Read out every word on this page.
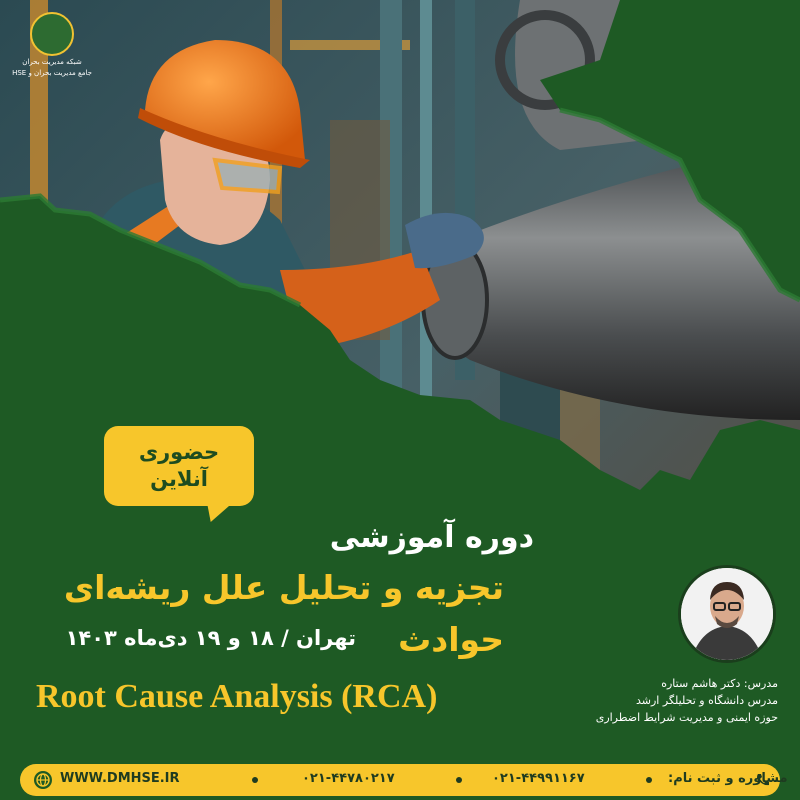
شبکه مدیریت بحران
جامع مدیریت بحران و HSE
حضوری
آنلاین
دوره آموزشی
تجزیه و تحلیل علل ریشه‌ای
حوادث
تهران / ۱۸ و ۱۹ دی‌ماه ۱۴۰۳
Root Cause Analysis (RCA)	مدرس: دکتر هاشم ستاره
مدرس دانشگاه و تحلیلگر ارشد
حوزه ایمنی و مدیریت شرایط اضطراری
WWW.DMHSE.IR	۰۲۱-۴۴۷۸۰۲۱۷	۰۲۱-۴۴۹۹۱۱۶۷	مشاوره و ثبت نام:
